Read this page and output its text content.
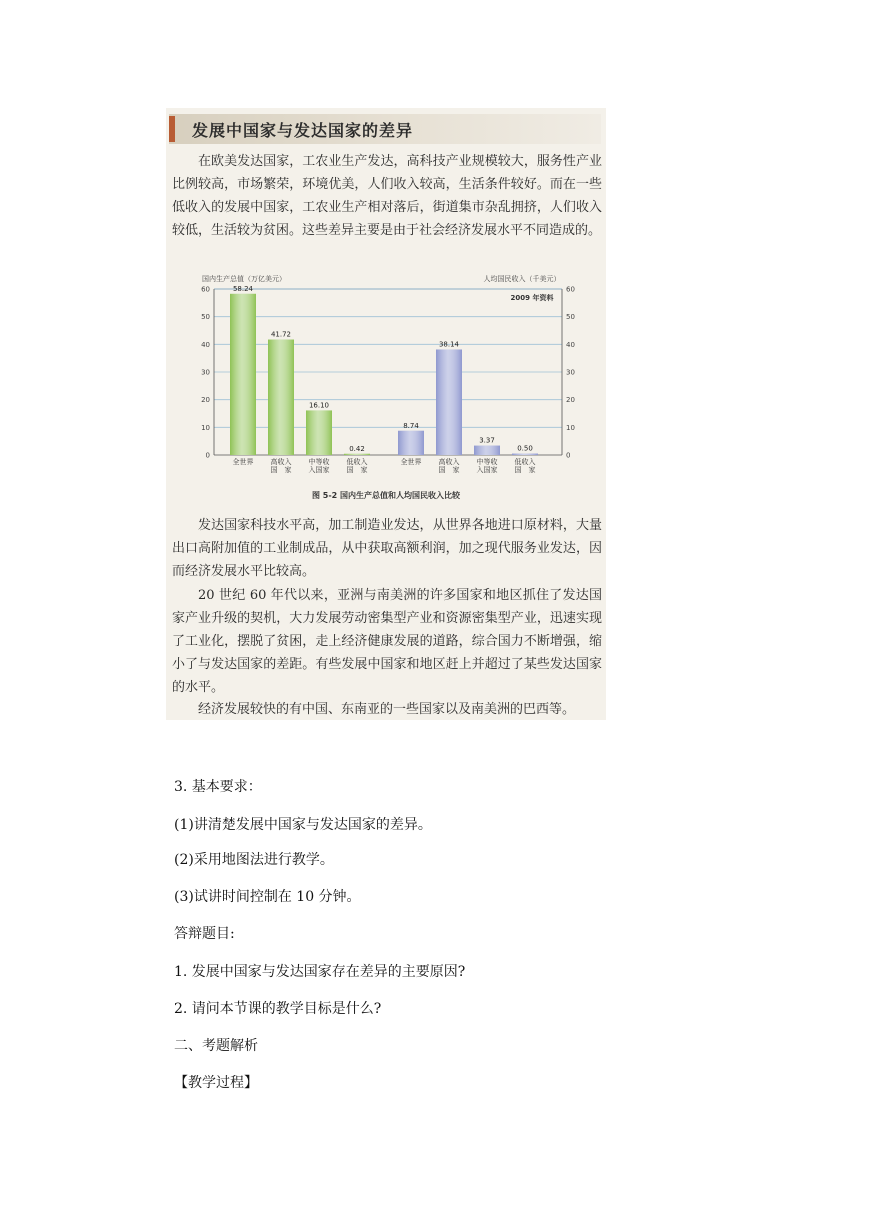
发展中国家与发达国家的差异

在欧美发达国家，工农业生产发达，高科技产业规模较大，服务性产业比例较高，市场繁荣，环境优美，人们收入较高，生活条件较好。而在一些低收入的发展中国家，工农业生产相对落后，街道集市杂乱拥挤，人们收入较低，生活较为贫困。这些差异主要是由于社会经济发展水平不同造成的。

国内生产总值（万亿美元）	人均国民收入（千美元）
2009 年资料
0	0
10	10
20	20
30	30
40	40
50	50
60	60
全世界 高收入
国　家
中等收
入国家
低收入
国　家
全世界 高收入
国　家
中等收
入国家
低收入
国　家
58.24
41.72
16.10
0.42
8.74
38.14
3.37
0.50
图 5-2 国内生产总值和人均国民收入比较

发达国家科技水平高，加工制造业发达，从世界各地进口原材料，大量出口高附加值的工业制成品，从中获取高额利润，加之现代服务业发达，因而经济发展水平比较高。

20 世纪 60 年代以来，亚洲与南美洲的许多国家和地区抓住了发达国家产业升级的契机，大力发展劳动密集型产业和资源密集型产业，迅速实现了工业化，摆脱了贫困，走上经济健康发展的道路，综合国力不断增强，缩小了与发达国家的差距。有些发展中国家和地区赶上并超过了某些发达国家的水平。

经济发展较快的有中国、东南亚的一些国家以及南美洲的巴西等。

3. 基本要求：

(1)讲清楚发展中国家与发达国家的差异。

(2)采用地图法进行教学。

(3)试讲时间控制在 10 分钟。

答辩题目:

1. 发展中国家与发达国家存在差异的主要原因?

2. 请问本节课的教学目标是什么?

二、考题解析

【教学过程】
